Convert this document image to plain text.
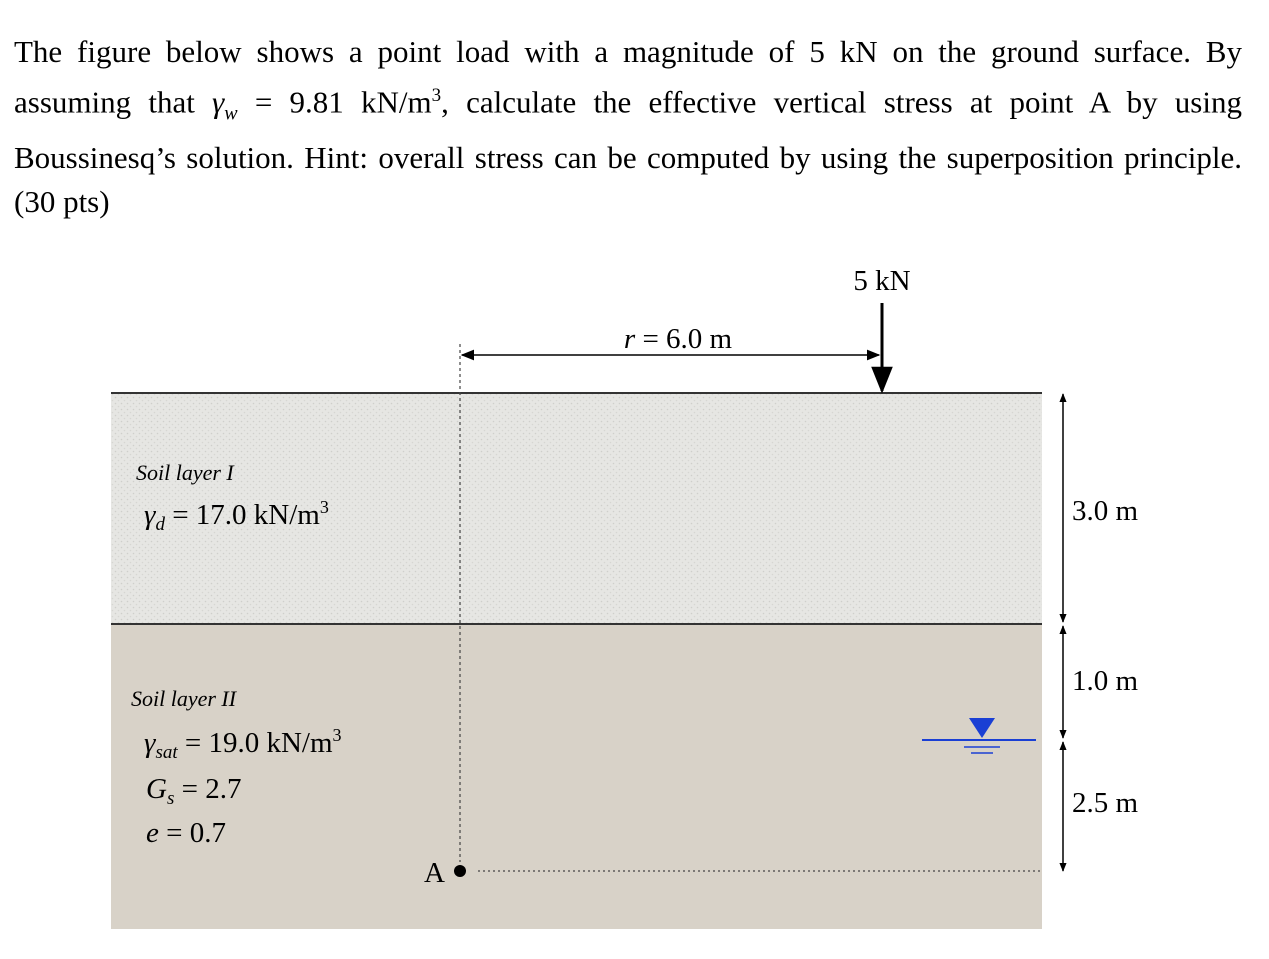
The figure below shows a point load with a magnitude of 5 kN on the ground surface. By assuming that $\gamma_w = 9.81$ $kN/m^3$, calculate the effective vertical stress at point A by using Boussinesq’s solution. Hint: overall stress can be computed by using the superposition principle. (30 pts)

r = 6.0 m
5 kN
Soil layer I
$\gamma_d = 17.0$ $kN/m^3$
Soil layer II
$\gamma_{sat} = 19.0$ $kN/m^3$
$G_s = 2.7$
e = 0.7
A
3.0 m
1.0 m
2.5 m
